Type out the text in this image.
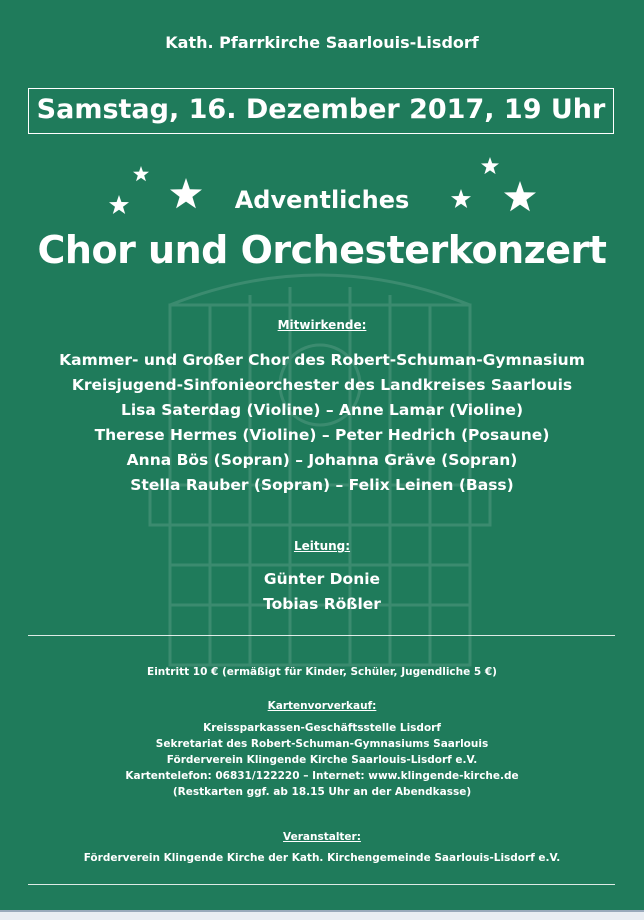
Kath. Pfarrkirche Saarlouis-Lisdorf
Samstag, 16. Dezember 2017, 19 Uhr
Adventliches
Chor und Orchesterkonzert
Mitwirkende:
Kammer- und Großer Chor des Robert-Schuman-Gymnasium
Kreisjugend-Sinfonieorchester des Landkreises Saarlouis
Lisa Saterdag (Violine) – Anne Lamar (Violine)
Therese Hermes (Violine) – Peter Hedrich (Posaune)
Anna Bös (Sopran) – Johanna Gräve (Sopran)
Stella Rauber (Sopran) – Felix Leinen (Bass)
Leitung:
Günter Donie
Tobias Rößler
Eintritt 10 € (ermäßigt für Kinder, Schüler, Jugendliche 5 €)
Kartenvorverkauf:
Kreissparkassen-Geschäftsstelle Lisdorf
Sekretariat des Robert-Schuman-Gymnasiums Saarlouis
Förderverein Klingende Kirche Saarlouis-Lisdorf e.V.
Kartentelefon: 06831/122220 – Internet: www.klingende-kirche.de
(Restkarten ggf. ab 18.15 Uhr an der Abendkasse)
Veranstalter:
Förderverein Klingende Kirche der Kath. Kirchengemeinde Saarlouis-Lisdorf e.V.
